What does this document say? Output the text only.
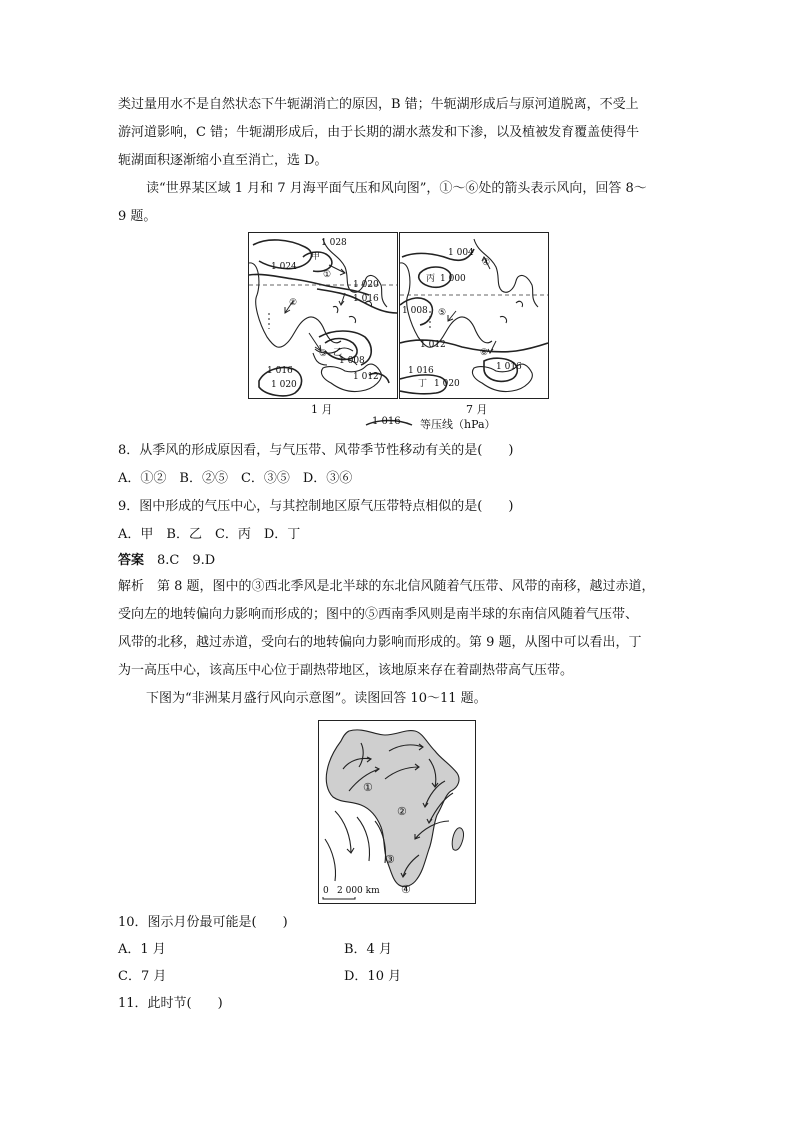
类过量用水不是自然状态下牛轭湖消亡的原因，B 错；牛轭湖形成后与原河道脱离，不受上
游河道影响，C 错；牛轭湖形成后，由于长期的湖水蒸发和下渗，以及植被发育覆盖使得牛
轭湖面积逐渐缩小直至消亡，选 D。
读“世界某区域 1 月和 7 月海平面气压和风向图”，①～⑥处的箭头表示风向，回答 8～
9 题。
1 028
甲
1 024
①
1 020
1 016
②
③ 乙
1 008
1 012
1 016
1 020
1 月
1 004
④
丙 1 000
1 008 ⑤
1 012
⑥
1 016
1 016
丁 1 020
7 月
1 016 等压线（hPa）
8．从季风的形成原因看，与气压带、风带季节性移动有关的是(　　)
A．①②　B．②⑤　C．③⑤　D．③⑥
9．图中形成的气压中心，与其控制地区原气压带特点相似的是(　　)
A．甲　B．乙　C．丙　D．丁
答案　 8.C　9.D
解析　第 8 题，图中的③西北季风是北半球的东北信风随着气压带、风带的南移，越过赤道，
受向左的地转偏向力影响而形成的；图中的⑤西南季风则是南半球的东南信风随着气压带、
风带的北移，越过赤道，受向右的地转偏向力影响而形成的。第 9 题，从图中可以看出，丁
为一高压中心，该高压中心位于副热带地区，该地原来存在着副热带高气压带。
下图为“非洲某月盛行风向示意图”。读图回答 10～11 题。
①
②
③
④
0 2 000 km
10．图示月份最可能是(　　)
A．1 月	B．4 月
C．7 月	D．10 月
11．此时节(　　)
